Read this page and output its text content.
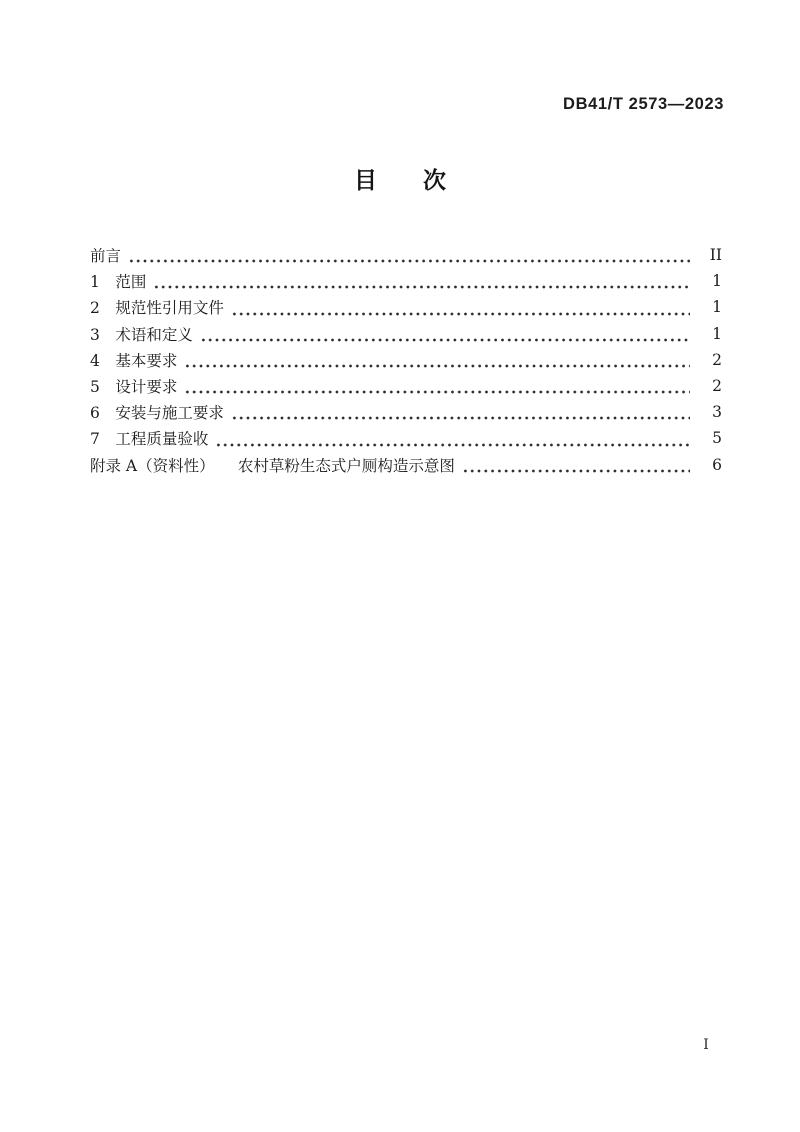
DB41/T 2573—2023
目　　次
前言	II
1　范围	1
2　规范性引用文件	1
3　术语和定义	1
4　基本要求	2
5　设计要求	2
6　安装与施工要求	3
7　工程质量验收	5
附录 A（资料性）　　农村草粉生态式户厕构造示意图	6
I
